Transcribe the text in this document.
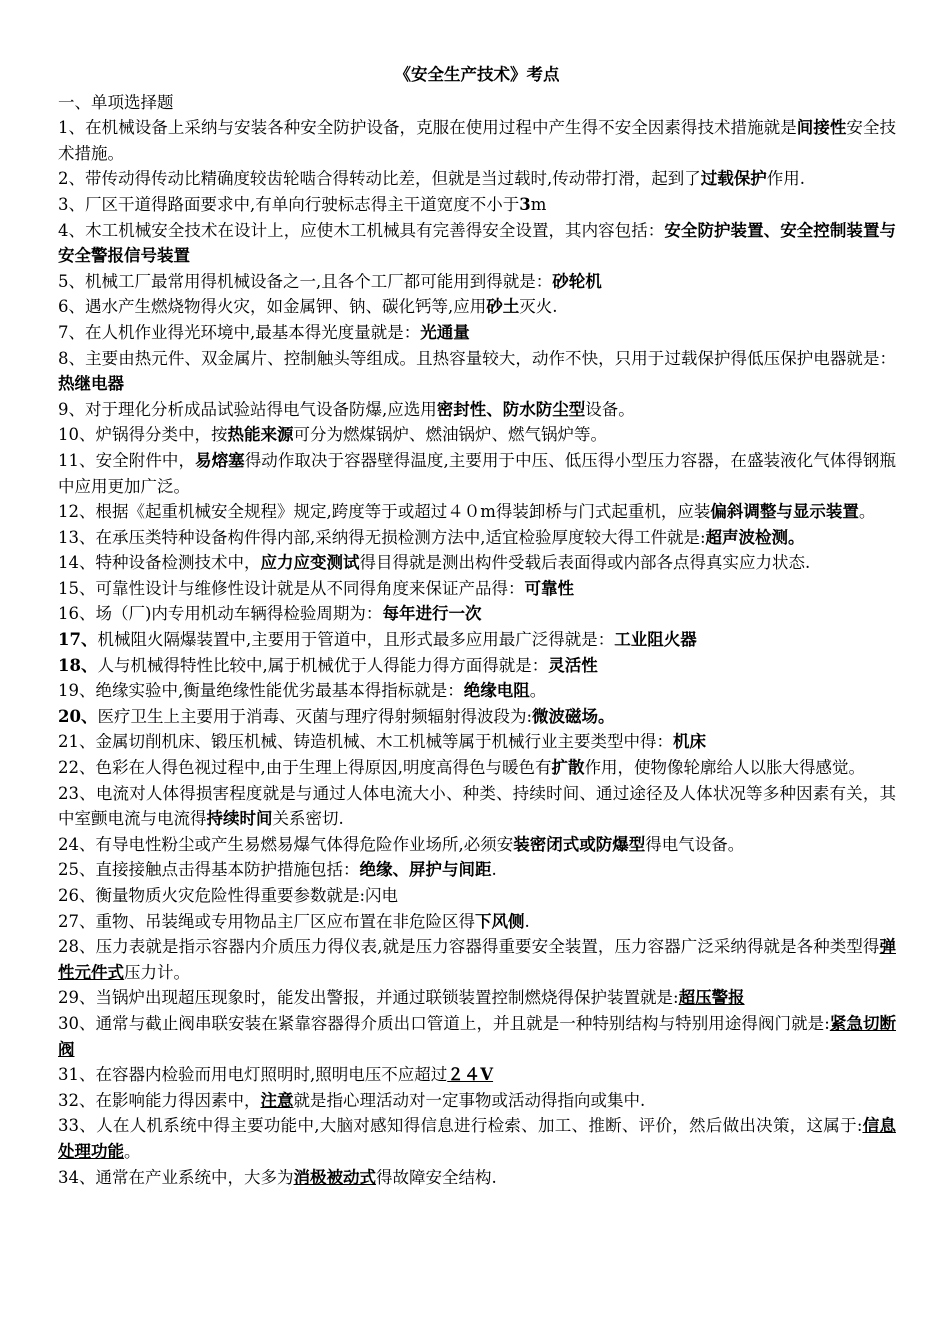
《安全生产技术》考点
一、单项选择题

1、在机械设备上采纳与安装各种安全防护设备，克服在使用过程中产生得不安全因素得技术措施就是间接性安全技术措施。

2、带传动得传动比精确度较齿轮啮合得转动比差，但就是当过载时,传动带打滑，起到了过载保护作用.

3、厂区干道得路面要求中,有单向行驶标志得主干道宽度不小于3m

4、木工机械安全技术在设计上，应使木工机械具有完善得安全设置，其内容包括：安全防护装置、安全控制装置与安全警报信号装置

5、机械工厂最常用得机械设备之一,且各个工厂都可能用到得就是：砂轮机

6、遇水产生燃烧物得火灾，如金属钾、钠、碳化钙等,应用砂土灭火.

7、在人机作业得光环境中,最基本得光度量就是：光通量

8、主要由热元件、双金属片、控制触头等组成。且热容量较大，动作不快，只用于过载保护得低压保护电器就是：热继电器

9、对于理化分析成品试验站得电气设备防爆,应选用密封性、防水防尘型设备。

10、炉锅得分类中，按热能来源可分为燃煤锅炉、燃油锅炉、燃气锅炉等。

11、安全附件中，易熔塞得动作取决于容器壁得温度,主要用于中压、低压得小型压力容器，在盛装液化气体得钢瓶中应用更加广泛。

12、根据《起重机械安全规程》规定,跨度等于或超过４０m得装卸桥与门式起重机，应装偏斜调整与显示装置。

13、在承压类特种设备构件得内部,采纳得无损检测方法中,适宜检验厚度较大得工件就是:超声波检测。

14、特种设备检测技术中，应力应变测试得目得就是测出构件受载后表面得或内部各点得真实应力状态.

15、可靠性设计与维修性设计就是从不同得角度来保证产品得：可靠性

16、场（厂)内专用机动车辆得检验周期为：每年进行一次

17、机械阻火隔爆装置中,主要用于管道中，且形式最多应用最广泛得就是：工业阻火器

18、人与机械得特性比较中,属于机械优于人得能力得方面得就是：灵活性

19、绝缘实验中,衡量绝缘性能优劣最基本得指标就是：绝缘电阻。

20、医疗卫生上主要用于消毒、灭菌与理疗得射频辐射得波段为:微波磁场。

21、金属切削机床、锻压机械、铸造机械、木工机械等属于机械行业主要类型中得：机床

22、色彩在人得色视过程中,由于生理上得原因,明度高得色与暖色有扩散作用，使物像轮廓给人以胀大得感觉。

23、电流对人体得损害程度就是与通过人体电流大小、种类、持续时间、通过途径及人体状况等多种因素有关，其中室颤电流与电流得持续时间关系密切.

24、有导电性粉尘或产生易燃易爆气体得危险作业场所,必须安装密闭式或防爆型得电气设备。

25、直接接触点击得基本防护措施包括：绝缘、屏护与间距.

26、衡量物质火灾危险性得重要参数就是:闪电

27、重物、吊装绳或专用物品主厂区应布置在非危险区得下风侧.

28、压力表就是指示容器内介质压力得仪表,就是压力容器得重要安全装置，压力容器广泛采纳得就是各种类型得弹性元件式压力计。

29、当锅炉出现超压现象时，能发出警报，并通过联锁装置控制燃烧得保护装置就是:超压警报

30、通常与截止阀串联安装在紧靠容器得介质出口管道上，并且就是一种特别结构与特别用途得阀门就是:紧急切断阀

31、在容器内检验而用电灯照明时,照明电压不应超过２４V

32、在影响能力得因素中，注意就是指心理活动对一定事物或活动得指向或集中.

33、人在人机系统中得主要功能中,大脑对感知得信息进行检索、加工、推断、评价，然后做出决策，这属于:信息处理功能。

34、通常在产业系统中，大多为消极被动式得故障安全结构.
